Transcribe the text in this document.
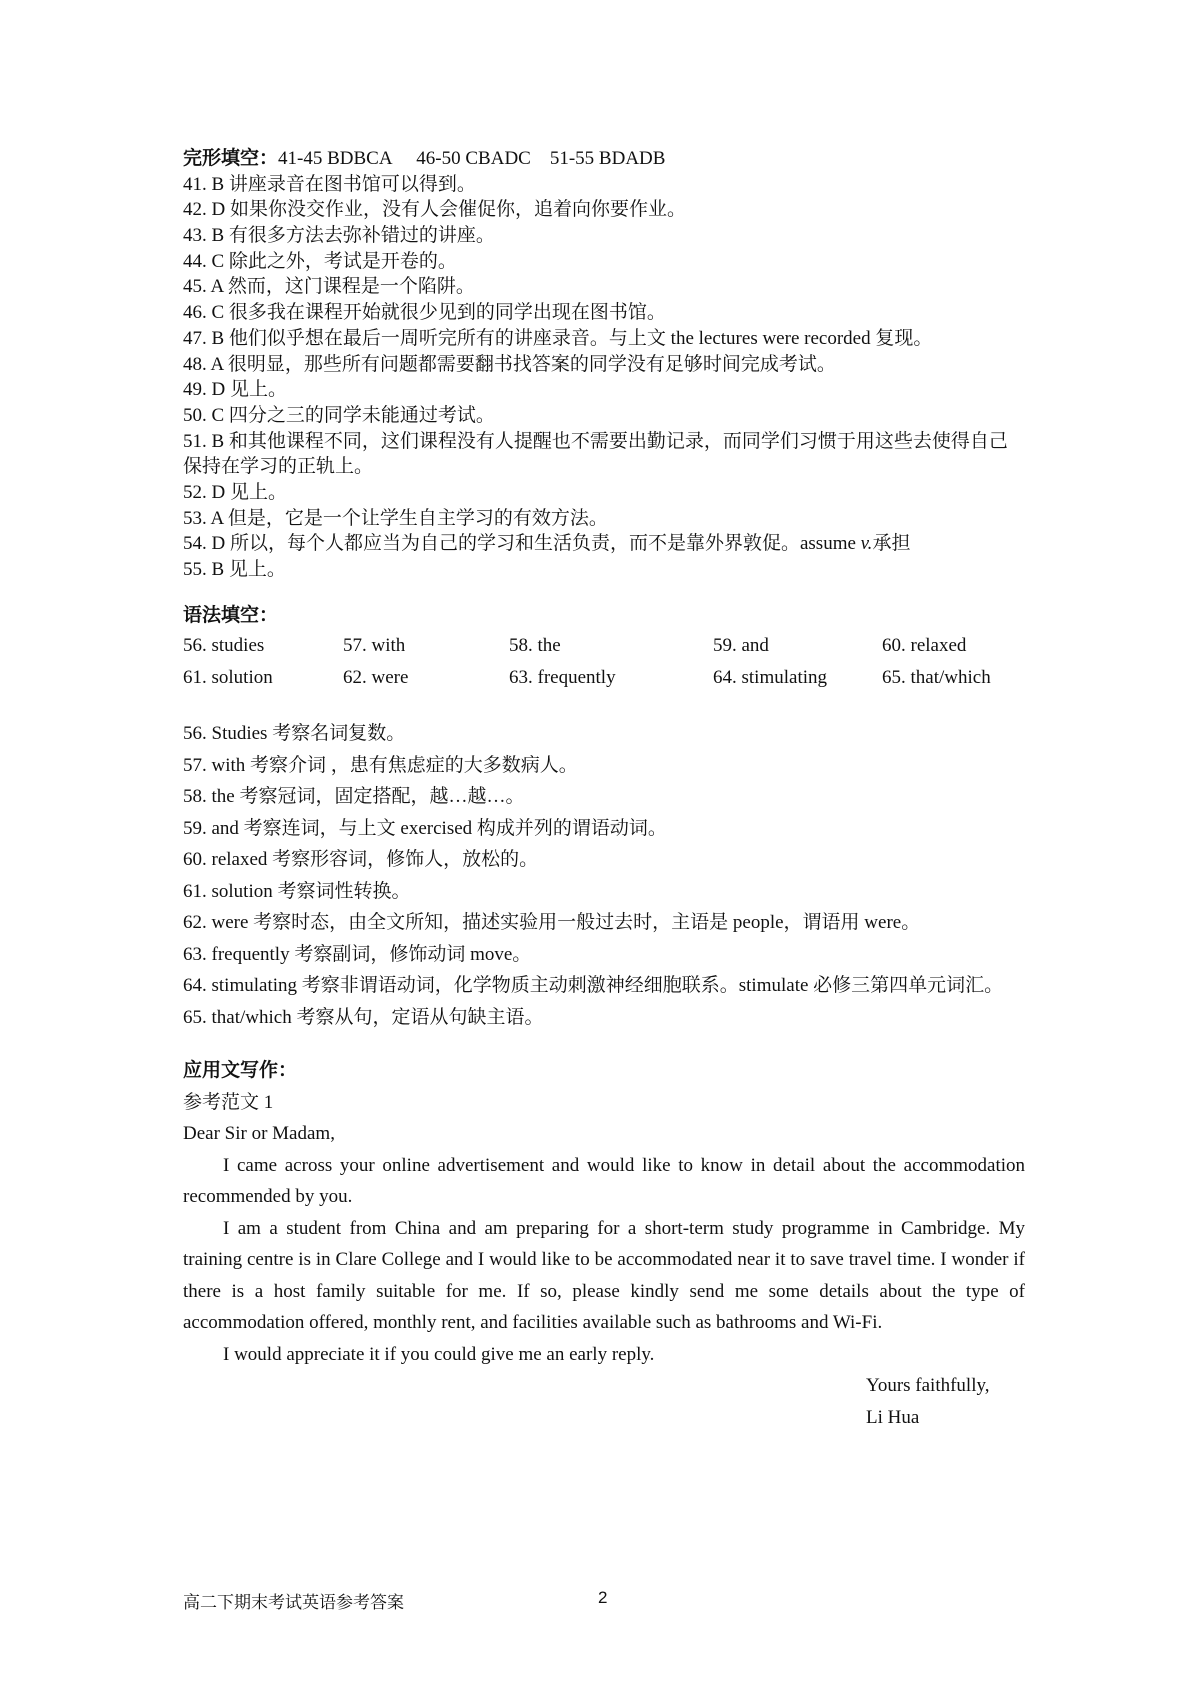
完形填空：41-45 BDBCA     46-50 CBADC    51-55 BDADB
41. B 讲座录音在图书馆可以得到。
42. D 如果你没交作业，没有人会催促你，追着向你要作业。
43. B 有很多方法去弥补错过的讲座。
44. C 除此之外，考试是开卷的。
45. A 然而，这门课程是一个陷阱。
46. C 很多我在课程开始就很少见到的同学出现在图书馆。
47. B 他们似乎想在最后一周听完所有的讲座录音。与上文 the lectures were recorded 复现。
48. A 很明显，那些所有问题都需要翻书找答案的同学没有足够时间完成考试。
49. D 见上。
50. C 四分之三的同学未能通过考试。
51. B 和其他课程不同，这们课程没有人提醒也不需要出勤记录，而同学们习惯于用这些去使得自己保持在学习的正轨上。
52. D 见上。
53. A 但是，它是一个让学生自主学习的有效方法。
54. D 所以，每个人都应当为自己的学习和生活负责，而不是靠外界敦促。assume v.承担
55. B 见上。
语法填空：
56. studies	57. with	58. the	59. and	60. relaxed
61. solution	62. were	63. frequently	64. stimulating	65. that/which
56. Studies 考察名词复数。
57. with 考察介词 ，患有焦虑症的大多数病人。
58. the 考察冠词，固定搭配，越…越…。
59. and 考察连词，与上文 exercised 构成并列的谓语动词。
60. relaxed 考察形容词，修饰人，放松的。
61. solution 考察词性转换。
62. were 考察时态，由全文所知，描述实验用一般过去时，主语是 people，谓语用 were。
63. frequently 考察副词，修饰动词 move。
64. stimulating 考察非谓语动词，化学物质主动刺激神经细胞联系。stimulate 必修三第四单元词汇。
65. that/which 考察从句，定语从句缺主语。
应用文写作：
参考范文 1
Dear Sir or Madam,
I came across your online advertisement and would like to know in detail about the accommodation recommended by you.
I am a student from China and am preparing for a short-term study programme in Cambridge. My training centre is in Clare College and I would like to be accommodated near it to save travel time. I wonder if there is a host family suitable for me. If so, please kindly send me some details about the type of accommodation offered, monthly rent, and facilities available such as bathrooms and Wi-Fi.
I would appreciate it if you could give me an early reply.
Yours faithfully,
Li Hua
高二下期末考试英语参考答案	2
